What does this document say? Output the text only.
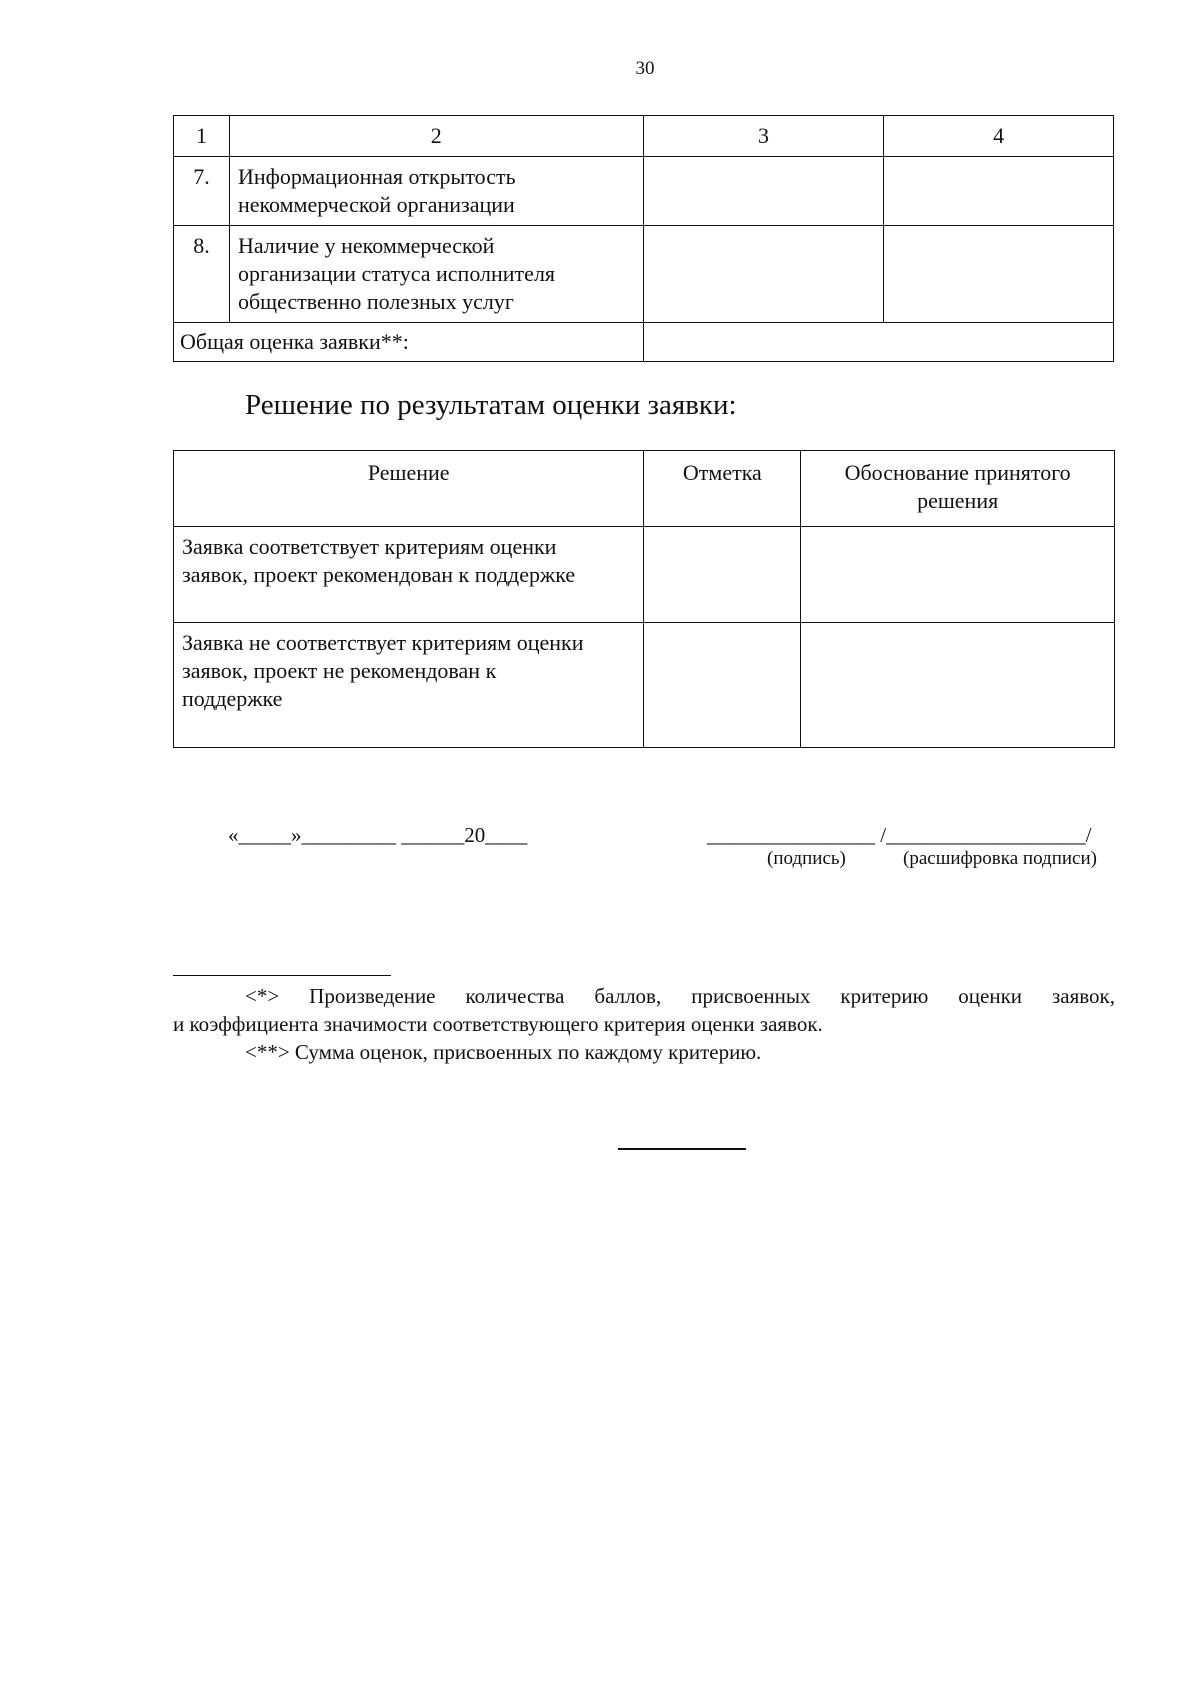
30
1	2	3	4
7.	Информационная открытость
некоммерческой организации		

8.	Наличие у некоммерческой
организации статуса исполнителя
общественно полезных услуг		

Общая оценка заявки**:			
Решение по результатам оценки заявки:
Решение	Отметка	Обоснование принятого
решения

Заявка соответствует критериям оценки
заявок, проект рекомендован к поддержке		

Заявка не соответствует критериям оценки
заявок, проект не рекомендован к
поддержке		

«_____»_________ ______20____	________________ /___________________/
(подпись)	(расшифровка подписи)
<*> Произведение количества баллов, присвоенных критерию оценки заявок,
и коэффициента значимости соответствующего критерия оценки заявок.
<**> Сумма оценок, присвоенных по каждому критерию.
